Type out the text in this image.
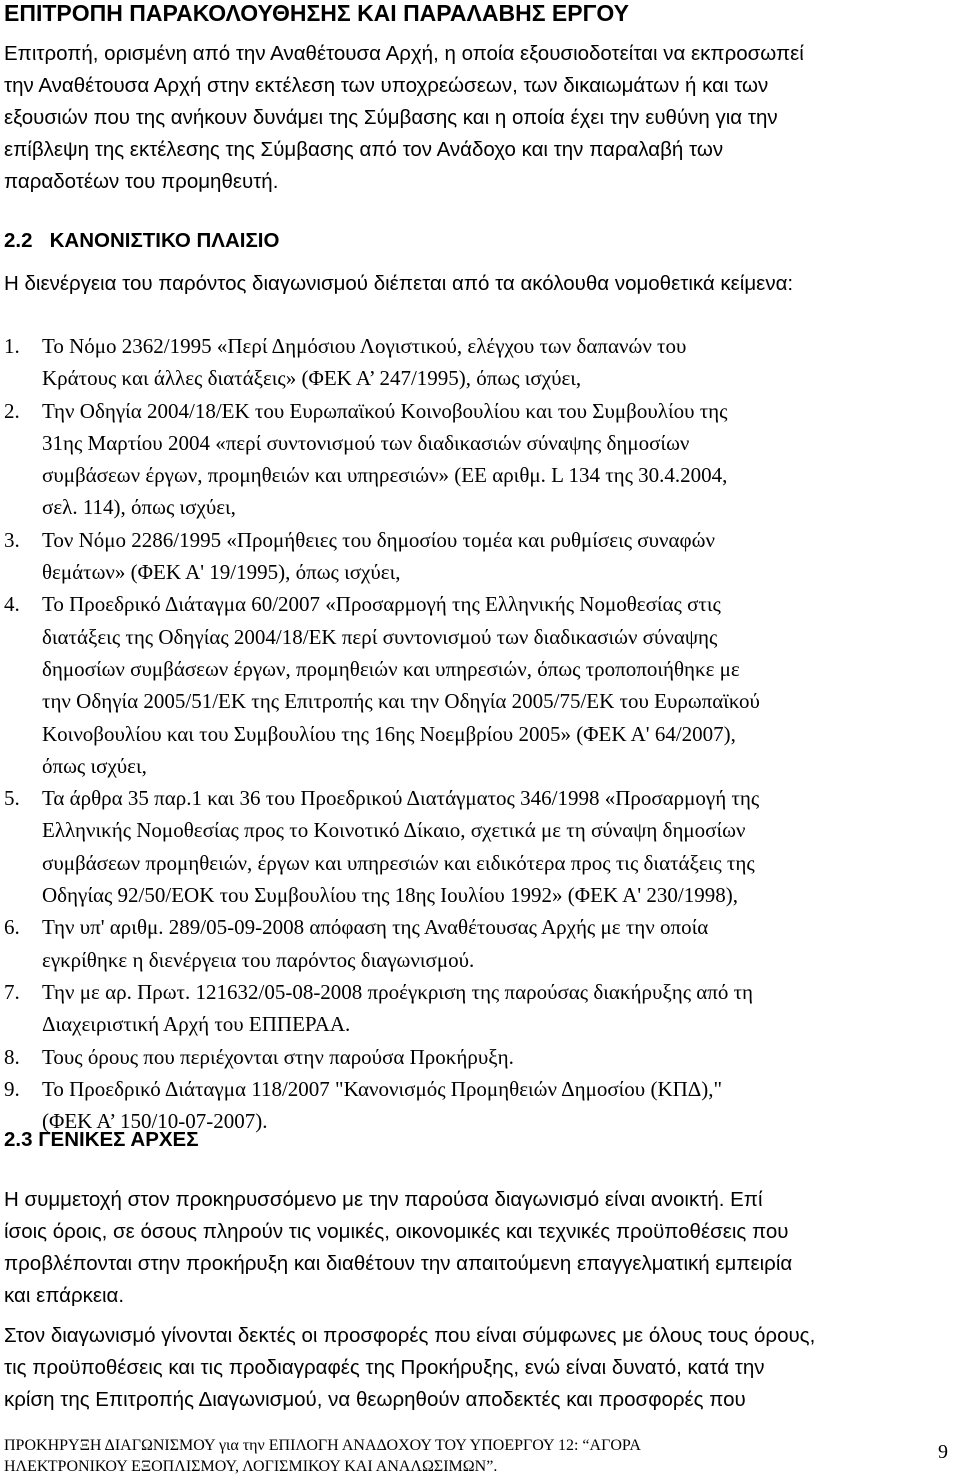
ΕΠΙΤΡΟΠΗ ΠΑΡΑΚΟΛΟΥΘΗΣΗΣ ΚΑΙ ΠΑΡΑΛΑΒΗΣ ΕΡΓΟΥ
Επιτροπή, ορισμένη από την Αναθέτουσα Αρχή, η οποία εξουσιοδοτείται να εκπροσωπεί
την Αναθέτουσα Αρχή στην εκτέλεση των υποχρεώσεων, των δικαιωμάτων ή και των
εξουσιών που της ανήκουν δυνάμει της Σύμβασης και η οποία έχει την ευθύνη για την
επίβλεψη της εκτέλεσης της Σύμβασης από τον Ανάδοχο και την παραλαβή των
παραδοτέων του προμηθευτή.
2.2   ΚΑΝΟΝΙΣΤΙΚΟ ΠΛΑΙΣΙΟ
Η διενέργεια του παρόντος διαγωνισμού διέπεται από τα ακόλουθα νομοθετικά κείμενα:
1. Το Νόμο 2362/1995 «Περί Δημόσιου Λογιστικού, ελέγχου των δαπανών του
Κράτους και άλλες διατάξεις» (ΦΕΚ Α’ 247/1995), όπως ισχύει,
2. Την Οδηγία 2004/18/ΕΚ του Ευρωπαϊκού Κοινοβουλίου και του Συμβουλίου της
31ης Μαρτίου 2004 «περί συντονισμού των διαδικασιών σύναψης δημοσίων
συμβάσεων έργων, προμηθειών και υπηρεσιών» (ΕΕ αριθμ. L 134 της 30.4.2004,
σελ. 114), όπως ισχύει,
3. Τον Νόμο 2286/1995 «Προμήθειες του δημοσίου τομέα και ρυθμίσεις συναφών
θεμάτων» (ΦΕΚ Α' 19/1995), όπως ισχύει,
4. Το Προεδρικό Διάταγμα 60/2007 «Προσαρμογή της Ελληνικής Νομοθεσίας στις
διατάξεις της Οδηγίας 2004/18/ΕΚ περί συντονισμού των διαδικασιών σύναψης
δημοσίων συμβάσεων έργων, προμηθειών και υπηρεσιών, όπως τροποποιήθηκε με
την Οδηγία 2005/51/ΕΚ της Επιτροπής και την Οδηγία 2005/75/ΕΚ του Ευρωπαϊκού
Κοινοβουλίου και του Συμβουλίου της 16ης Νοεμβρίου 2005» (ΦΕΚ Α' 64/2007),
όπως ισχύει,
5. Τα άρθρα 35 παρ.1 και 36 του Προεδρικού Διατάγματος 346/1998 «Προσαρμογή της
Ελληνικής Νομοθεσίας προς το Κοινοτικό Δίκαιο, σχετικά με τη σύναψη δημοσίων
συμβάσεων προμηθειών, έργων και υπηρεσιών και ειδικότερα προς τις διατάξεις της
Οδηγίας 92/50/ΕΟΚ του Συμβουλίου της 18ης Ιουλίου 1992» (ΦΕΚ Α' 230/1998),
6. Την υπ' αριθμ. 289/05-09-2008 απόφαση της Αναθέτουσας Αρχής με την οποία
εγκρίθηκε η διενέργεια του παρόντος διαγωνισμού.
7. Την με αρ. Πρωτ. 121632/05-08-2008 προέγκριση της παρούσας διακήρυξης από τη
Διαχειριστική Αρχή του ΕΠΠΕΡΑΑ.
8. Τους όρους που περιέχονται στην παρούσα Προκήρυξη.
9. Το Προεδρικό Διάταγμα 118/2007 "Κανονισμός Προμηθειών Δημοσίου (ΚΠΔ),"
(ΦΕΚ Α’ 150/10-07-2007).
2.3 ΓΕΝΙΚΕΣ ΑΡΧΕΣ
Η συμμετοχή στον προκηρυσσόμενο με την παρούσα διαγωνισμό είναι ανοικτή. Επί
ίσοις όροις, σε όσους πληρούν τις νομικές, οικονομικές και τεχνικές προϋποθέσεις που
προβλέπονται στην προκήρυξη και διαθέτουν την απαιτούμενη επαγγελματική εμπειρία
και επάρκεια.
Στον διαγωνισμό γίνονται δεκτές οι προσφορές που είναι σύμφωνες με όλους τους όρους,
τις προϋποθέσεις και τις προδιαγραφές της Προκήρυξης, ενώ είναι δυνατό, κατά την
κρίση της Επιτροπής Διαγωνισμού, να θεωρηθούν αποδεκτές και προσφορές που
ΠΡΟΚΗΡΥΞΗ ΔΙΑΓΩΝΙΣΜΟΥ για την ΕΠΙΛΟΓΗ ΑΝΑΔΟΧΟΥ ΤΟΥ ΥΠΟΕΡΓΟΥ 12: “ΑΓΟΡΑ
ΗΛΕΚΤΡΟΝΙΚΟΥ ΕΞΟΠΛΙΣΜΟΥ, ΛΟΓΙΣΜΙΚΟΥ ΚΑΙ ΑΝΑΛΩΣΙΜΩΝ”.
9
